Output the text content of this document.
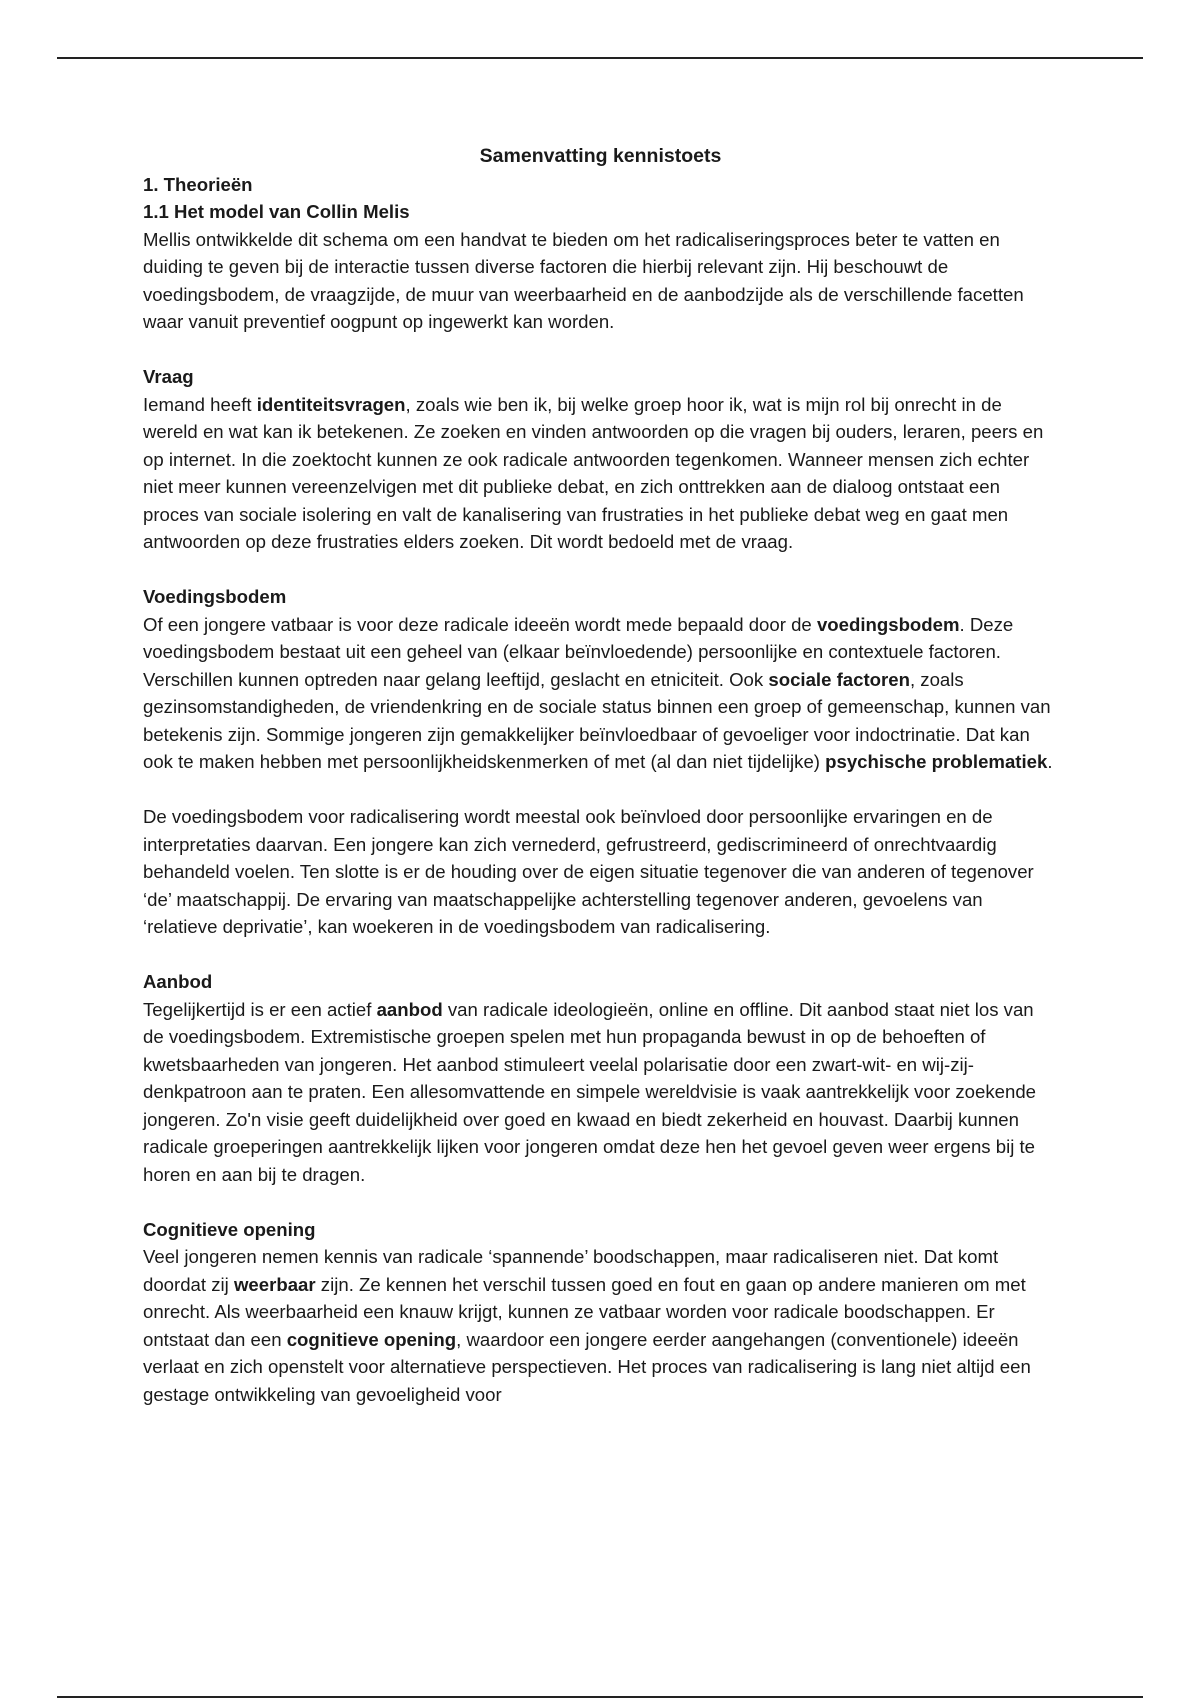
Samenvatting kennistoets

1. Theorieën
1.1 Het model van Collin Melis

Mellis ontwikkelde dit schema om een handvat te bieden om het radicaliseringsproces beter te vatten en duiding te geven bij de interactie tussen diverse factoren die hierbij relevant zijn. Hij beschouwt de voedingsbodem, de vraagzijde, de muur van weerbaarheid en de aanbodzijde als de verschillende facetten waar vanuit preventief oogpunt op ingewerkt kan worden.

Vraag

Iemand heeft identiteitsvragen, zoals wie ben ik, bij welke groep hoor ik, wat is mijn rol bij onrecht in de wereld en wat kan ik betekenen. Ze zoeken en vinden antwoorden op die vragen bij ouders, leraren, peers en op internet. In die zoektocht kunnen ze ook radicale antwoorden tegenkomen. Wanneer mensen zich echter niet meer kunnen vereenzelvigen met dit publieke debat, en zich onttrekken aan de dialoog ontstaat een proces van sociale isolering en valt de kanalisering van frustraties in het publieke debat weg en gaat men antwoorden op deze frustraties elders zoeken. Dit wordt bedoeld met de vraag.

Voedingsbodem

Of een jongere vatbaar is voor deze radicale ideeën wordt mede bepaald door de voedingsbodem. Deze voedingsbodem bestaat uit een geheel van (elkaar beïnvloedende) persoonlijke en contextuele factoren. Verschillen kunnen optreden naar gelang leeftijd, geslacht en etniciteit. Ook sociale factoren, zoals gezinsomstandigheden, de vriendenkring en de sociale status binnen een groep of gemeenschap, kunnen van betekenis zijn. Sommige jongeren zijn gemakkelijker beïnvloedbaar of gevoeliger voor indoctrinatie. Dat kan ook te maken hebben met persoonlijkheidskenmerken of met (al dan niet tijdelijke) psychische problematiek.

De voedingsbodem voor radicalisering wordt meestal ook beïnvloed door persoonlijke ervaringen en de interpretaties daarvan. Een jongere kan zich vernederd, gefrustreerd, gediscrimineerd of onrechtvaardig behandeld voelen. Ten slotte is er de houding over de eigen situatie tegenover die van anderen of tegenover ‘de’ maatschappij. De ervaring van maatschappelijke achterstelling tegenover anderen, gevoelens van ‘relatieve deprivatie’, kan woekeren in de voedingsbodem van radicalisering.

Aanbod

Tegelijkertijd is er een actief aanbod van radicale ideologieën, online en offline. Dit aanbod staat niet los van de voedingsbodem. Extremistische groepen spelen met hun propaganda bewust in op de behoeften of kwetsbaarheden van jongeren. Het aanbod stimuleert veelal polarisatie door een zwart-wit- en wij-zij-denkpatroon aan te praten. Een allesomvattende en simpele wereldvisie is vaak aantrekkelijk voor zoekende jongeren. Zo'n visie geeft duidelijkheid over goed en kwaad en biedt zekerheid en houvast. Daarbij kunnen radicale groeperingen aantrekkelijk lijken voor jongeren omdat deze hen het gevoel geven weer ergens bij te horen en aan bij te dragen.

Cognitieve opening

Veel jongeren nemen kennis van radicale ‘spannende’ boodschappen, maar radicaliseren niet. Dat komt doordat zij weerbaar zijn. Ze kennen het verschil tussen goed en fout en gaan op andere manieren om met onrecht. Als weerbaarheid een knauw krijgt, kunnen ze vatbaar worden voor radicale boodschappen. Er ontstaat dan een cognitieve opening, waardoor een jongere eerder aangehangen (conventionele) ideeën verlaat en zich openstelt voor alternatieve perspectieven. Het proces van radicalisering is lang niet altijd een gestage ontwikkeling van gevoeligheid voor
